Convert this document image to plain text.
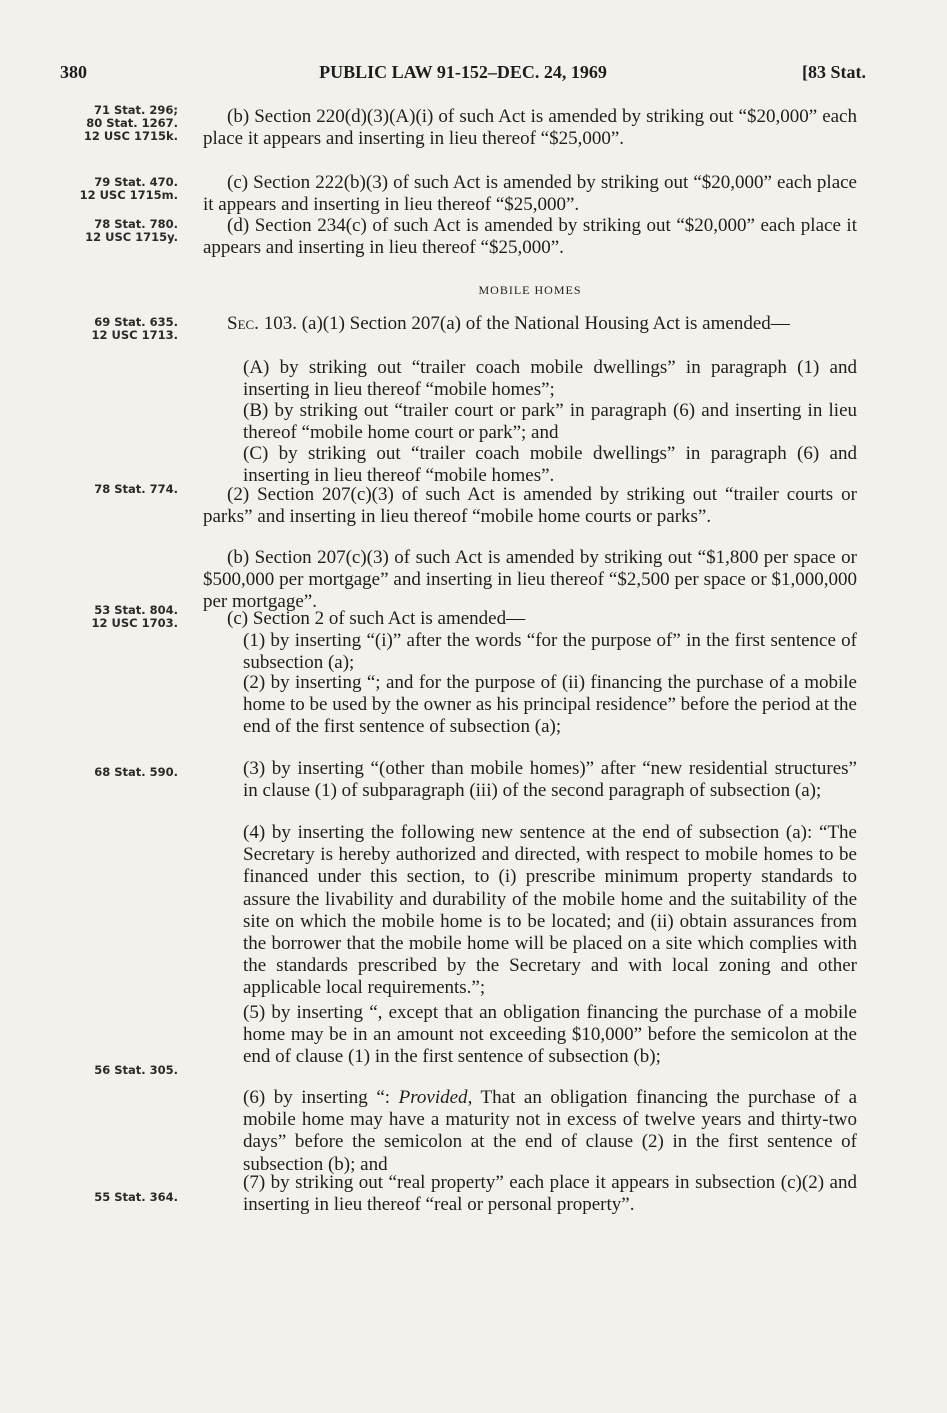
380	PUBLIC LAW 91-152–DEC. 24, 1969	[83 Stat.
71 Stat. 296;
80 Stat. 1267.
12 USC 1715k.
79 Stat. 470.
12 USC 1715m.
78 Stat. 780.
12 USC 1715y.
69 Stat. 635.
12 USC 1713.
78 Stat. 774.
53 Stat. 804.
12 USC 1703.
68 Stat. 590.
56 Stat. 305.
55 Stat. 364.

(b) Section 220(d)(3)(A)(i) of such Act is amended by striking out “$20,000” each place it appears and inserting in lieu thereof “$25,000”.

(c) Section 222(b)(3) of such Act is amended by striking out “$20,000” each place it appears and inserting in lieu thereof “$25,000”.

(d) Section 234(c) of such Act is amended by striking out “$20,000” each place it appears and inserting in lieu thereof “$25,000”.

MOBILE HOMES

Sec. 103. (a)(1) Section 207(a) of the National Housing Act is amended—

(A) by striking out “trailer coach mobile dwellings” in paragraph (1) and inserting in lieu thereof “mobile homes”;

(B) by striking out “trailer court or park” in paragraph (6) and inserting in lieu thereof “mobile home court or park”; and

(C) by striking out “trailer coach mobile dwellings” in paragraph (6) and inserting in lieu thereof “mobile homes”.

(2) Section 207(c)(3) of such Act is amended by striking out “trailer courts or parks” and inserting in lieu thereof “mobile home courts or parks”.

(b) Section 207(c)(3) of such Act is amended by striking out “$1,800 per space or $500,000 per mortgage” and inserting in lieu thereof “$2,500 per space or $1,000,000 per mortgage”.

(c) Section 2 of such Act is amended—

(1) by inserting “(i)” after the words “for the purpose of” in the first sentence of subsection (a);

(2) by inserting “; and for the purpose of (ii) financing the purchase of a mobile home to be used by the owner as his principal residence” before the period at the end of the first sentence of subsection (a);

(3) by inserting “(other than mobile homes)” after “new residential structures” in clause (1) of subparagraph (iii) of the second paragraph of subsection (a);

(4) by inserting the following new sentence at the end of subsection (a): “The Secretary is hereby authorized and directed, with respect to mobile homes to be financed under this section, to (i) prescribe minimum property standards to assure the livability and durability of the mobile home and the suitability of the site on which the mobile home is to be located; and (ii) obtain assurances from the borrower that the mobile home will be placed on a site which complies with the standards prescribed by the Secretary and with local zoning and other applicable local requirements.”;

(5) by inserting “, except that an obligation financing the purchase of a mobile home may be in an amount not exceeding $10,000” before the semicolon at the end of clause (1) in the first sentence of subsection (b);

(6) by inserting “: Provided, That an obligation financing the purchase of a mobile home may have a maturity not in excess of twelve years and thirty-two days” before the semicolon at the end of clause (2) in the first sentence of subsection (b); and

(7) by striking out “real property” each place it appears in subsection (c)(2) and inserting in lieu thereof “real or personal property”.
